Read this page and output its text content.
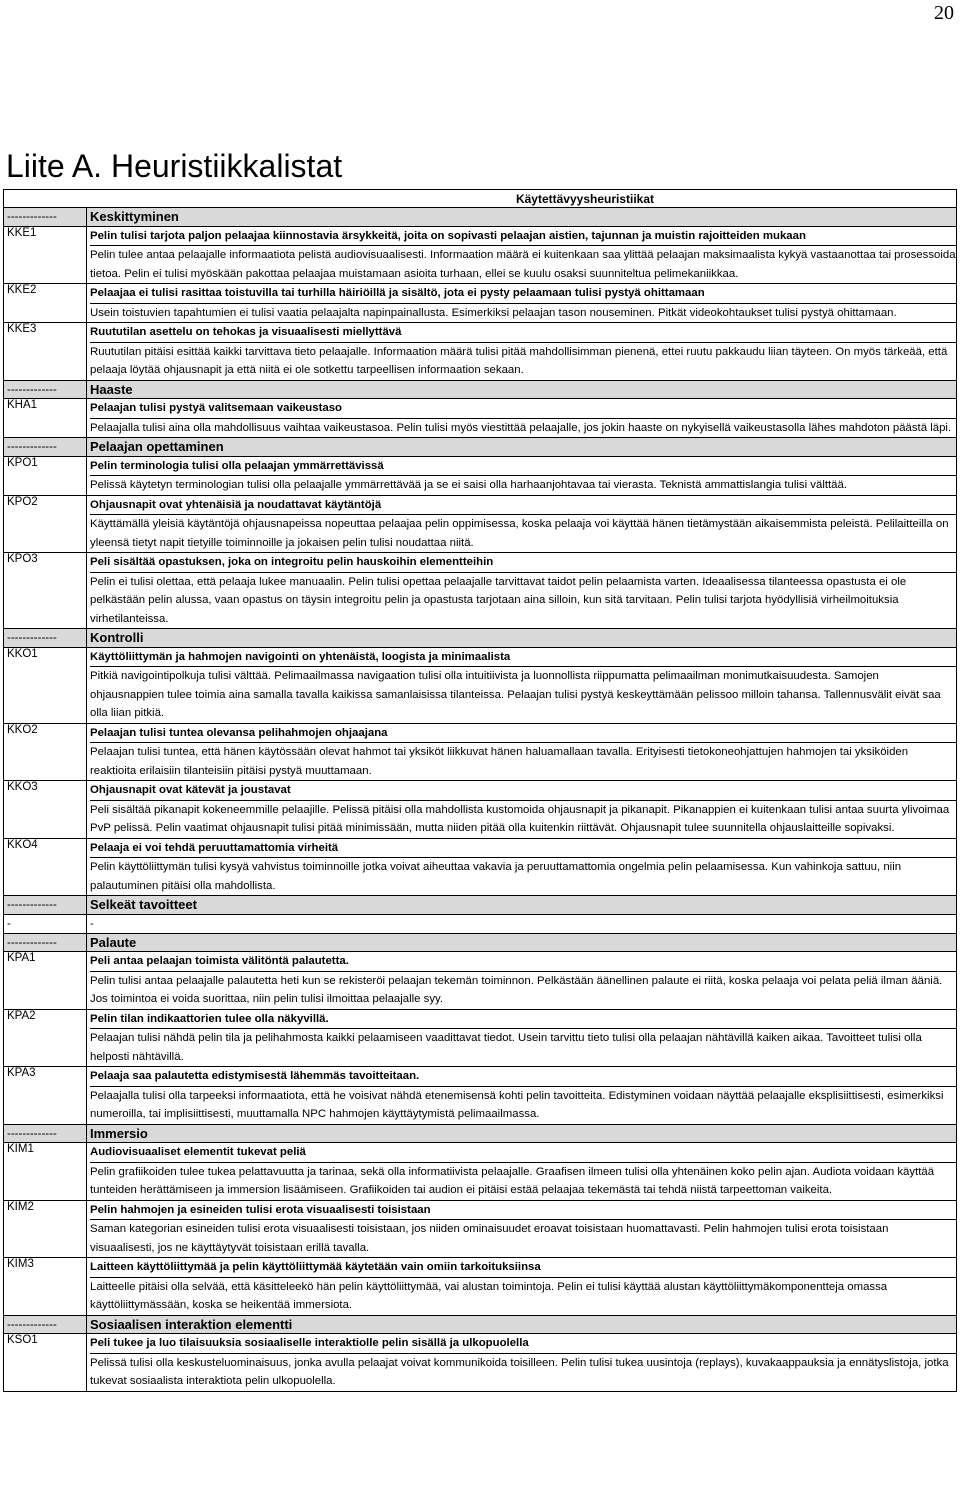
20
Liite A. Heuristiikkalistat
Käytettävyysheuristiikat
-------------	Keskittyminen
KKE1	Pelin tulisi tarjota paljon pelaajaa kiinnostavia ärsykkeitä, joita on sopivasti pelaajan aistien, tajunnan ja muistin rajoitteiden mukaan
Pelin tulee antaa pelaajalle informaatiota pelistä audiovisuaalisesti. Informaation määrä ei kuitenkaan saa ylittää pelaajan maksimaalista kykyä vastaanottaa tai prosessoida tietoa. Pelin ei tulisi myöskään pakottaa pelaajaa muistamaan asioita turhaan, ellei se kuulu osaksi suunniteltua pelimekaniikkaa.
KKE2	Pelaajaa ei tulisi rasittaa toistuvilla tai turhilla häiriöillä ja sisältö, jota ei pysty pelaamaan tulisi pystyä ohittamaan
Usein toistuvien tapahtumien ei tulisi vaatia pelaajalta napinpainallusta. Esimerkiksi pelaajan tason nouseminen. Pitkät videokohtaukset tulisi pystyä ohittamaan.
KKE3	Ruututilan asettelu on tehokas ja visuaalisesti miellyttävä
Ruututilan pitäisi esittää kaikki tarvittava tieto pelaajalle. Informaation määrä tulisi pitää mahdollisimman pienenä, ettei ruutu pakkaudu liian täyteen. On myös tärkeää, että pelaaja löytää ohjausnapit ja että niitä ei ole sotkettu tarpeellisen informaation sekaan.
-------------	Haaste
KHA1	Pelaajan tulisi pystyä valitsemaan vaikeustaso
Pelaajalla tulisi aina olla mahdollisuus vaihtaa vaikeustasoa. Pelin tulisi myös viestittää pelaajalle, jos jokin haaste on nykyisellä vaikeustasolla lähes mahdoton päästä läpi.
-------------	Pelaajan opettaminen
KPO1	Pelin terminologia tulisi olla pelaajan ymmärrettävissä
Pelissä käytetyn terminologian tulisi olla pelaajalle ymmärrettävää ja se ei saisi olla harhaanjohtavaa tai vierasta. Teknistä ammattislangia tulisi välttää.
KPO2	Ohjausnapit ovat yhtenäisiä ja noudattavat käytäntöjä
Käyttämällä yleisiä käytäntöjä ohjausnapeissa nopeuttaa pelaajaa pelin oppimisessa, koska pelaaja voi käyttää hänen tietämystään aikaisemmista peleistä. Pelilaitteilla on yleensä tietyt napit tietyille toiminnoille ja jokaisen pelin tulisi noudattaa niitä.
KPO3	Peli sisältää opastuksen, joka on integroitu pelin hauskoihin elementteihin
Pelin ei tulisi olettaa, että pelaaja lukee manuaalin. Pelin tulisi opettaa pelaajalle tarvittavat taidot pelin pelaamista varten. Ideaalisessa tilanteessa opastusta ei ole pelkästään pelin alussa, vaan opastus on täysin integroitu pelin ja opastusta tarjotaan aina silloin, kun sitä tarvitaan. Pelin tulisi tarjota hyödyllisiä virheilmoituksia virhetilanteissa.
-------------	Kontrolli
KKO1	Käyttöliittymän ja hahmojen navigointi on yhtenäistä, loogista ja minimaalista
Pitkiä navigointipolkuja tulisi välttää. Pelimaailmassa navigaation tulisi olla intuitiivista ja luonnollista riippumatta pelimaailman monimutkaisuudesta. Samojen ohjausnappien tulee toimia aina samalla tavalla kaikissa samanlaisissa tilanteissa. Pelaajan tulisi pystyä keskeyttämään pelissoo milloin tahansa. Tallennusvälit eivät saa olla liian pitkiä.
KKO2	Pelaajan tulisi tuntea olevansa pelihahmojen ohjaajana
Pelaajan tulisi tuntea, että hänen käytössään olevat hahmot tai yksiköt liikkuvat hänen haluamallaan tavalla. Erityisesti tietokoneohjattujen hahmojen tai yksiköiden reaktioita erilaisiin tilanteisiin pitäisi pystyä muuttamaan.
KKO3	Ohjausnapit ovat kätevät ja joustavat
Peli sisältää pikanapit kokeneemmille pelaajille. Pelissä pitäisi olla mahdollista kustomoida ohjausnapit ja pikanapit. Pikanappien ei kuitenkaan tulisi antaa suurta ylivoimaa PvP pelissä. Pelin vaatimat ohjausnapit tulisi pitää minimissään, mutta niiden pitää olla kuitenkin riittävät. Ohjausnapit tulee suunnitella ohjauslaitteille sopivaksi.
KKO4	Pelaaja ei voi tehdä peruuttamattomia virheitä
Pelin käyttöliittymän tulisi kysyä vahvistus toiminnoille jotka voivat aiheuttaa vakavia ja peruuttamattomia ongelmia pelin pelaamisessa. Kun vahinkoja sattuu, niin palautuminen pitäisi olla mahdollista.
-------------	Selkeät tavoitteet
-	-
-------------	Palaute
KPA1	Peli antaa pelaajan toimista välitöntä palautetta.
Pelin tulisi antaa pelaajalle palautetta heti kun se rekisteröi pelaajan tekemän toiminnon. Pelkästään äänellinen palaute ei riitä, koska pelaaja voi pelata peliä ilman ääniä. Jos toimintoa ei voida suorittaa, niin pelin tulisi ilmoittaa pelaajalle syy.
KPA2	Pelin tilan indikaattorien tulee olla näkyvillä.
Pelaajan tulisi nähdä pelin tila ja pelihahmosta kaikki pelaamiseen vaadittavat tiedot. Usein tarvittu tieto tulisi olla pelaajan nähtävillä kaiken aikaa. Tavoitteet tulisi olla helposti nähtävillä.
KPA3	Pelaaja saa palautetta edistymisestä lähemmäs tavoitteitaan.
Pelaajalla tulisi olla tarpeeksi informaatiota, että he voisivat nähdä etenemisensä kohti pelin tavoitteita. Edistyminen voidaan näyttää pelaajalle eksplisiittisesti, esimerkiksi numeroilla, tai implisiittisesti, muuttamalla NPC hahmojen käyttäytymistä pelimaailmassa.
-------------	Immersio
KIM1	Audiovisuaaliset elementit tukevat peliä
Pelin grafiikoiden tulee tukea pelattavuutta ja tarinaa, sekä olla informatiivista pelaajalle. Graafisen ilmeen tulisi olla yhtenäinen koko pelin ajan. Audiota voidaan käyttää tunteiden herättämiseen ja immersion lisäämiseen. Grafiikoiden tai audion ei pitäisi estää pelaajaa tekemästä tai tehdä niistä tarpeettoman vaikeita.
KIM2	Pelin hahmojen ja esineiden tulisi erota visuaalisesti toisistaan
Saman kategorian esineiden tulisi erota visuaalisesti toisistaan, jos niiden ominaisuudet eroavat toisistaan huomattavasti. Pelin hahmojen tulisi erota toisistaan visuaalisesti, jos ne käyttäytyvät toisistaan erillä tavalla.
KIM3	Laitteen käyttöliittymää ja pelin käyttöliittymää käytetään vain omiin tarkoituksiinsa
Laitteelle pitäisi olla selvää, että käsitteleekö hän pelin käyttöliittymää, vai alustan toimintoja. Pelin ei tulisi käyttää alustan käyttöliittymäkomponentteja omassa käyttöliittymässään, koska se heikentää immersiota.
-------------	Sosiaalisen interaktion elementti
KSO1	Peli tukee ja luo tilaisuuksia sosiaaliselle interaktiolle pelin sisällä ja ulkopuolella
Pelissä tulisi olla keskusteluominaisuus, jonka avulla pelaajat voivat kommunikoida toisilleen. Pelin tulisi tukea uusintoja (replays), kuvakaappauksia ja ennätyslistoja, jotka tukevat sosiaalista interaktiota pelin ulkopuolella.
